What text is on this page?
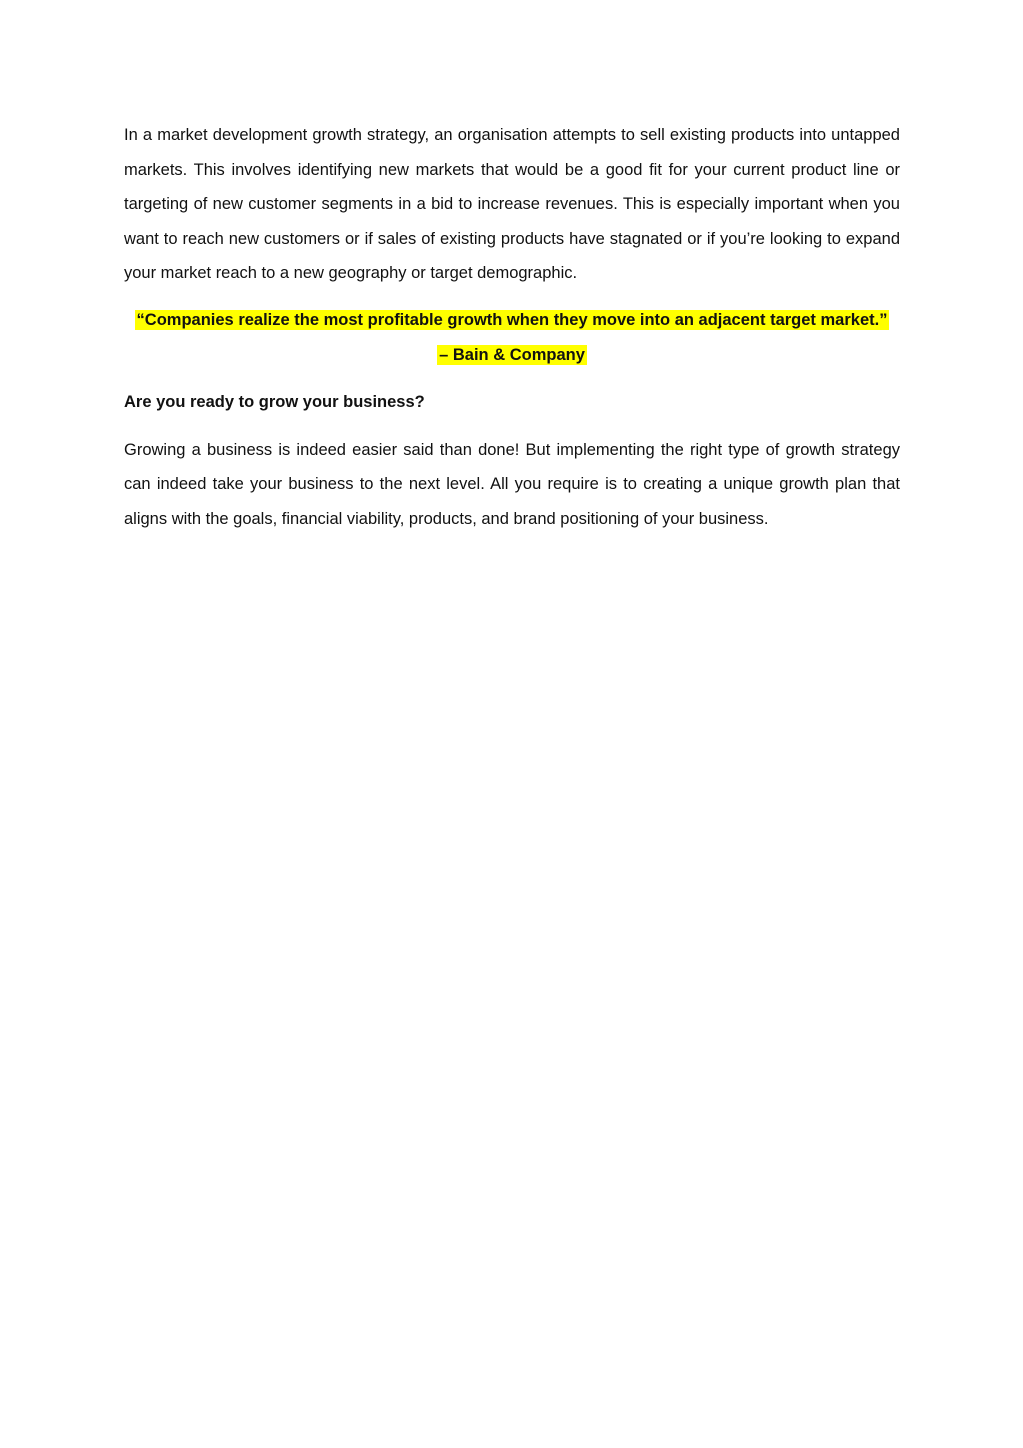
In a market development growth strategy, an organisation attempts to sell existing products into untapped markets. This involves identifying new markets that would be a good fit for your current product line or targeting of new customer segments in a bid to increase revenues. This is especially important when you want to reach new customers or if sales of existing products have stagnated or if you’re looking to expand your market reach to a new geography or target demographic.

“Companies realize the most profitable growth when they move into an adjacent target market.”
– Bain & Company

Are you ready to grow your business?

Growing a business is indeed easier said than done! But implementing the right type of growth strategy can indeed take your business to the next level. All you require is to creating a unique growth plan that aligns with the goals, financial viability, products, and brand positioning of your business.
